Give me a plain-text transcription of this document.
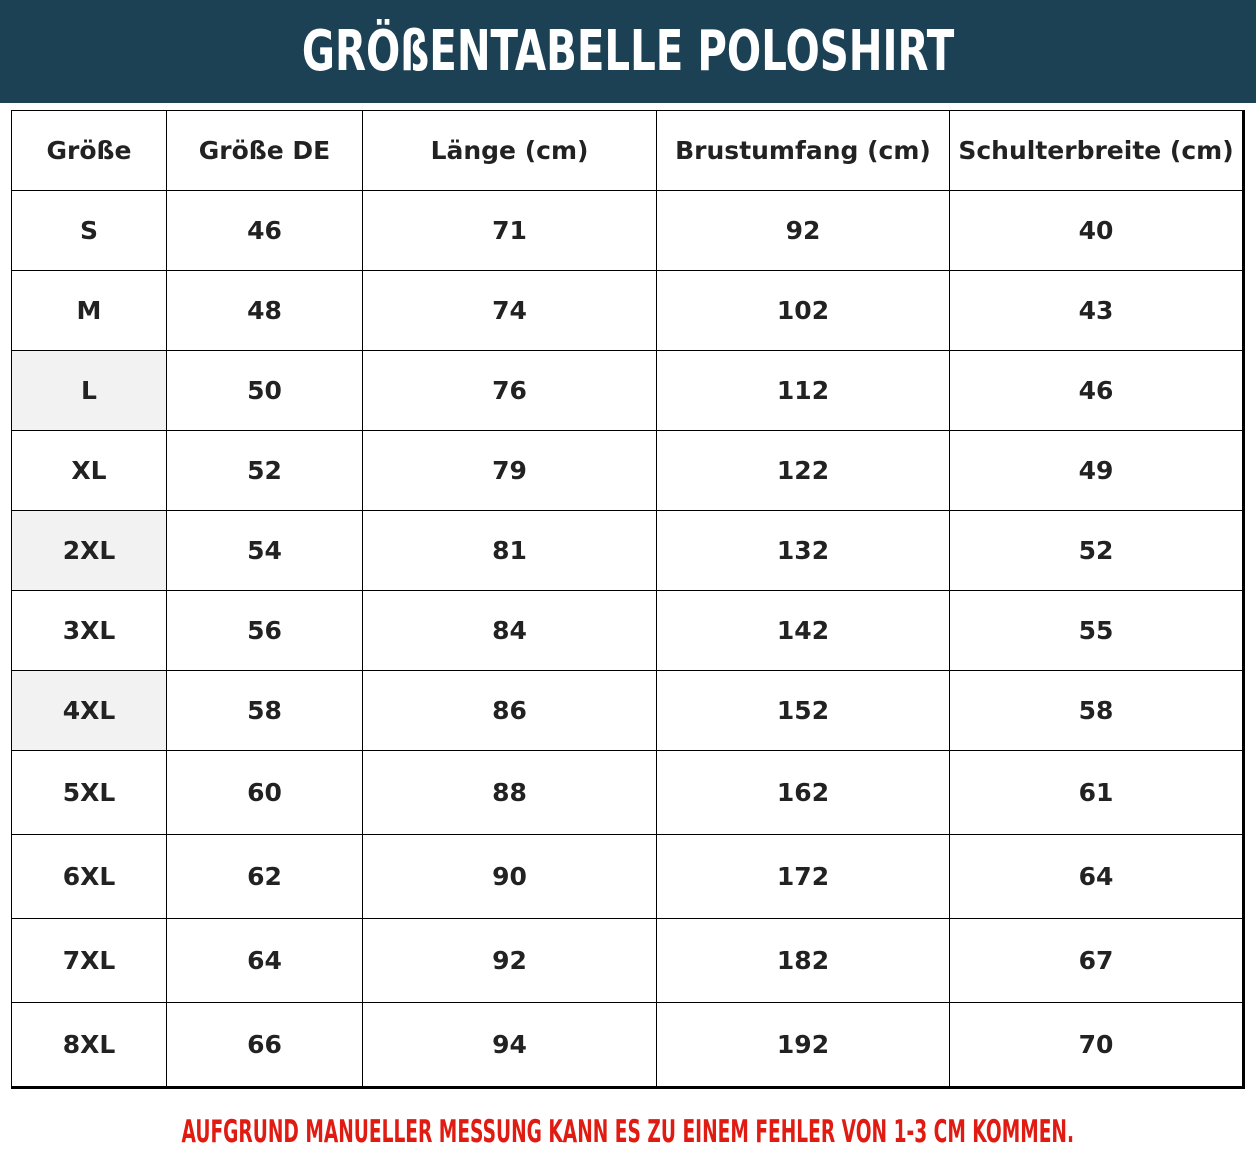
GRÖßENTABELLE POLOSHIRT
Größe	Größe DE	Länge (cm)	Brustumfang (cm)	Schulterbreite (cm)
S	46	71	92	40
M	48	74	102	43
L	50	76	112	46
XL	52	79	122	49
2XL	54	81	132	52
3XL	56	84	142	55
4XL	58	86	152	58
5XL	60	88	162	61
6XL	62	90	172	64
7XL	64	92	182	67
8XL	66	94	192	70
AUFGRUND MANUELLER MESSUNG KANN ES ZU EINEM FEHLER VON 1-3 CM KOMMEN.
